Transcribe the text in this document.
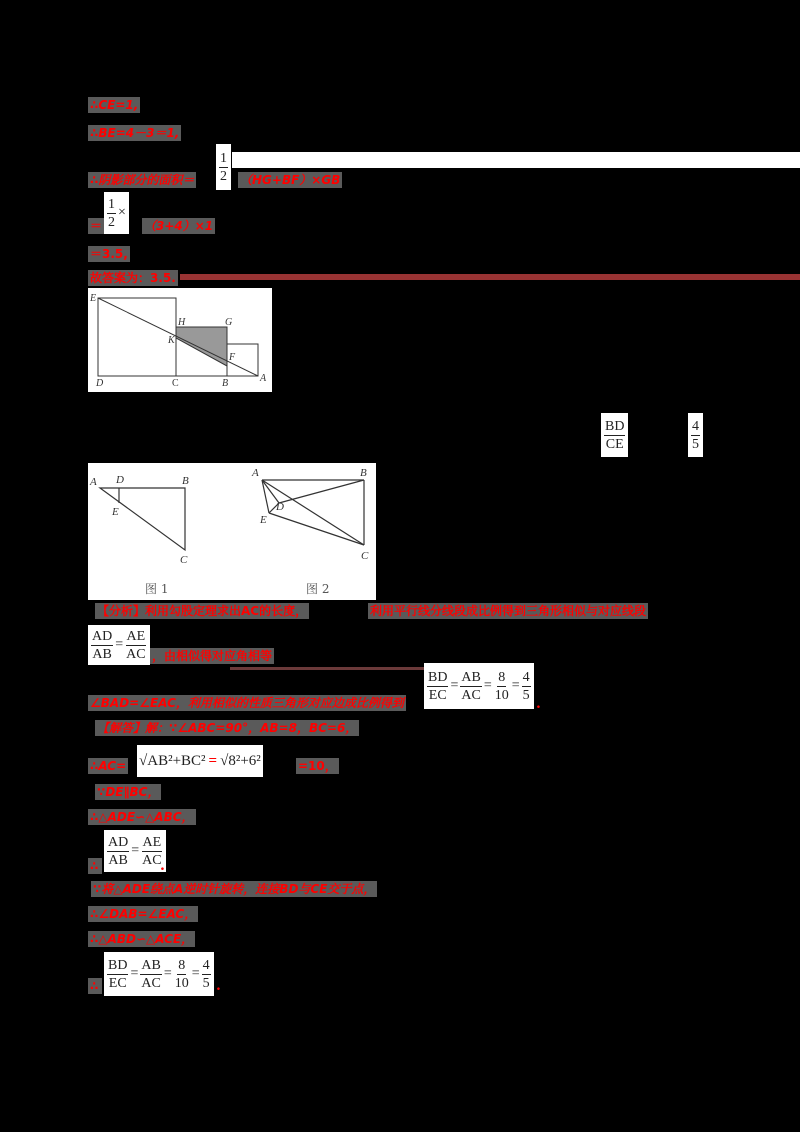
∴CE=1,
∴BE=4－3＝1,
∴阴影部分的面积＝ $\frac{1}{2} (HG+BF)\times GB$
＝ $\frac{1}{2}$ ×
（3+4）×1
＝3.5,
故答案为：3.5.
E
H	G
K
F
D	C	B	A
$\frac{BD}{CE}$	$\frac{4}{5}$
A D	B
E
C
A	B
D
E
C
图 1	图 2
【分析】利用勾股定理求出AC的长度，	利用平行线分线段成比例得到三角形相似与对应线段
$\frac{AD}{AB} = \frac{AE}{AC}$ ，由相似得对应角相等
∠BAD=∠EAC，利用相似的性质三角形对应边成比例得到 $\frac{BD}{EC} = \frac{AB}{AC} = \frac{8}{10} = \frac{4}{5}$
.
【解答】解：∵∠ABC=90°，AB=8，BC=6，
∴AC= √AB²+BC² = √8²+6²	=10，
∵DE∥BC，
∴△ADE∽△ABC，
∴ $\frac{AD}{AB} = \frac{AE}{AC}$
.
∵将△ADE绕点A逆时针旋转，连接BD与CE交于点，
∴∠DAB=∠EAC，
∴△ABD∽△ACE，
∴ $\frac{BD}{EC} = \frac{AB}{AC} = \frac{8}{10} = \frac{4}{5}$ .
